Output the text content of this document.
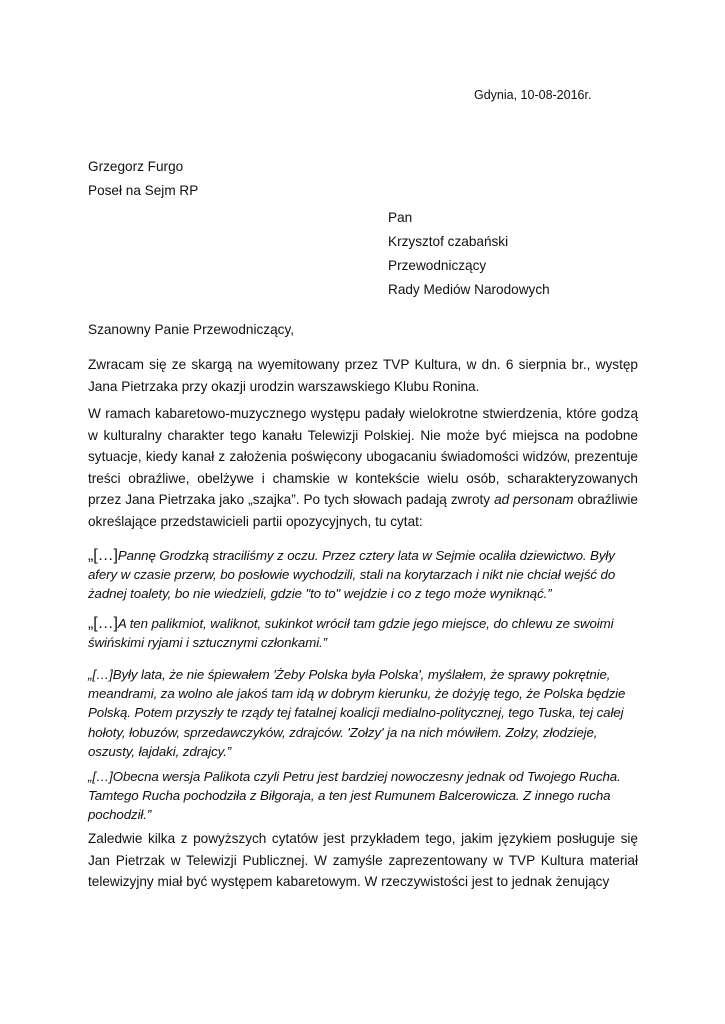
Gdynia, 10-08-2016r.
Grzegorz Furgo
Poseł na Sejm RP
Pan
Krzysztof czabański
Przewodniczący
Rady Mediów Narodowych
Szanowny Panie Przewodniczący,

Zwracam się ze skargą na wyemitowany przez TVP Kultura, w dn. 6 sierpnia br., występ Jana Pietrzaka przy okazji urodzin warszawskiego Klubu Ronina.

W ramach kabaretowo-muzycznego występu padały wielokrotne stwierdzenia, które godzą w kulturalny charakter tego kanału Telewizji Polskiej. Nie może być miejsca na podobne sytuacje, kiedy kanał z założenia poświęcony ubogacaniu świadomości widzów, prezentuje treści obraźliwe, obelżywe i chamskie w kontekście wielu osób, scharakteryzowanych przez Jana Pietrzaka jako „szajka”. Po tych słowach padają zwroty ad personam obraźliwie określające przedstawicieli partii opozycyjnych, tu cytat:

„[…]Pannę Grodzką straciliśmy z oczu. Przez cztery lata w Sejmie ocaliła dziewictwo. Były afery w czasie przerw, bo posłowie wychodzili, stali na korytarzach i nikt nie chciał wejść do żadnej toalety, bo nie wiedzieli, gdzie "to to" wejdzie i co z tego może wyniknąć.”

„[…]A ten palikmiot, waliknot, sukinkot wrócił tam gdzie jego miejsce, do chlewu ze swoimi świńskimi ryjami i sztucznymi członkami.”

„[…]Były lata, że nie śpiewałem 'Żeby Polska była Polska', myślałem, że sprawy pokrętnie, meandrami, za wolno ale jakoś tam idą w dobrym kierunku, że dożyję tego, że Polska będzie Polską. Potem przyszły te rządy tej fatalnej koalicji medialno-politycznej, tego Tuska, tej całej hołoty, łobuzów, sprzedawczyków, zdrajców. 'Zołzy' ja na nich mówiłem. Zołzy, złodzieje, oszusty, łajdaki, zdrajcy.”

„[…]Obecna wersja Palikota czyli Petru jest bardziej nowoczesny jednak od Twojego Rucha. Tamtego Rucha pochodziła z Biłgoraja, a ten jest Rumunem Balcerowicza. Z innego rucha pochodził.”

Zaledwie kilka z powyższych cytatów jest przykładem tego, jakim językiem posługuje się Jan Pietrzak w Telewizji Publicznej. W zamyśle zaprezentowany w TVP Kultura materiał telewizyjny miał być występem kabaretowym. W rzeczywistości jest to jednak żenujący
